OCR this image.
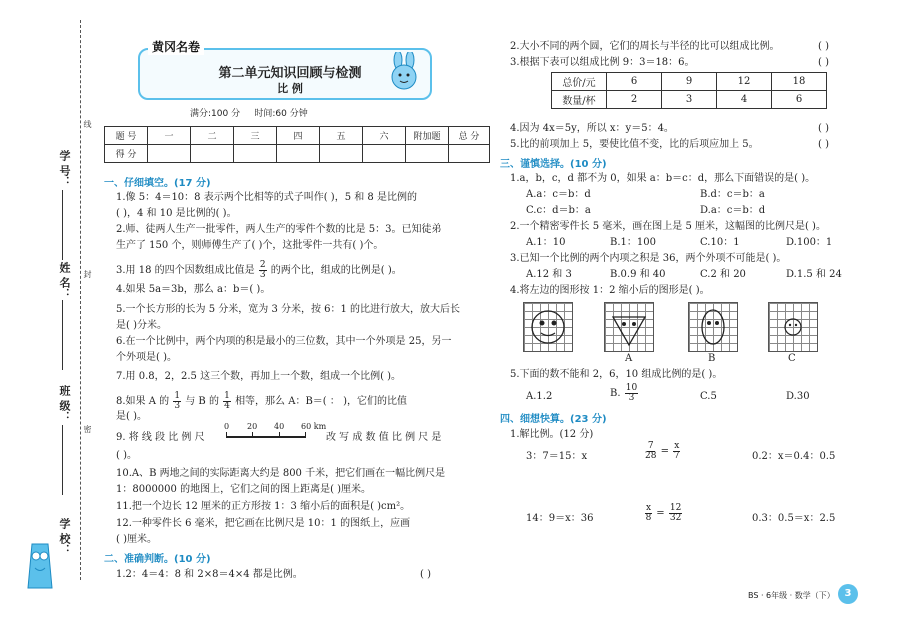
学 号：
姓 名：
班 级：
学 校：
线
封
密
黄冈名卷
第二单元知识回顾与检测
比 例
满分:100 分     时间:60 分钟
题 号	一	二	三	四	五	六	附加题	总 分
得 分								
一、仔细填空。(17 分)
1.像 5：4＝10：8 表示两个比相等的式子叫作( )，5 和 8 是比例的
( )，4 和 10 是比例的( )。
2.师、徒两人生产一批零件，两人生产的零件个数的比是 5：3。已知徒弟
生产了 150 个，则师傅生产了( )个，这批零件一共有( )个。
3.用 18 的四个因数组成比值是 $\frac{2}{3}$ 的两个比，组成的比例是( )。
4.如果 5a＝3b，那么 a：b＝( )。
5.一个长方形的长为 5 分米，宽为 3 分米，按 6：1 的比进行放大，放大后长
是( )分米。
6.在一个比例中，两个内项的积是最小的三位数，其中一个外项是 25，另一
个外项是( )。
7.用 0.8，2，2.5 这三个数，再加上一个数，组成一个比例( )。
8.如果 A 的 $\frac{1}{3}$ 与 B 的 $\frac{1}{4}$ 相等，那么 A：B＝( ： )，它们的比值
是( )。
9. 将 线 段 比 例 尺
0 20 40 60 km
改 写 成 数 值 比 例 尺 是
( )。
10.A、B 两地之间的实际距离大约是 800 千米，把它们画在一幅比例尺是
1：8000000 的地图上，它们之间的图上距离是( )厘米。
11.把一个边长 12 厘米的正方形按 1：3 缩小后的面积是( )cm²。
12.一种零件长 6 毫米，把它画在比例尺是 10：1 的图纸上，应画
( )厘米。
二、准确判断。(10 分)
1.2：4＝4：8 和 2×8＝4×4 都是比例。	( )
2.大小不同的两个圆，它们的周长与半径的比可以组成比例。	( )
3.根据下表可以组成比例 9：3＝18：6。	( )
总价/元	6	9	12	18
数量/杯	2	3	4	6
4.因为 4x＝5y，所以 x：y＝5：4。	( )
5.比的前项加上 5，要使比值不变，比的后项应加上 5。	( )
三、谨慎选择。(10 分)
1.a，b，c，d 都不为 0，如果 a：b＝c：d，那么下面错误的是( )。
A.a：c＝b：d	B.d：c＝b：a
C.c：d＝b：a	D.a：c＝b：d
2.一个精密零件长 5 毫米，画在图上是 5 厘米，这幅图的比例尺是( )。
A.1：10	B.1：100	C.10：1	D.100：1
3.已知一个比例的两个内项之积是 36，两个外项不可能是( )。
A.12 和 3	B.0.9 和 40	C.2 和 20	D.1.5 和 24
4.将左边的图形按 1：2 缩小后的图形是( )。
A	B	C
5.下面的数不能和 2，6，10 组成比例的是( )。
A.1.2	B. $\frac{10}{3}$	C.5	D.30
四、细想快算。(23 分)
1.解比例。(12 分)
3：7＝15：x	$\frac{7}{28} = \frac{x}{7}$	0.2：x＝0.4：0.5
14：9＝x：36	$\frac{x}{8} = \frac{12}{32}$	0.3：0.5＝x：2.5
BS · 6年级 · 数学（下） 3
